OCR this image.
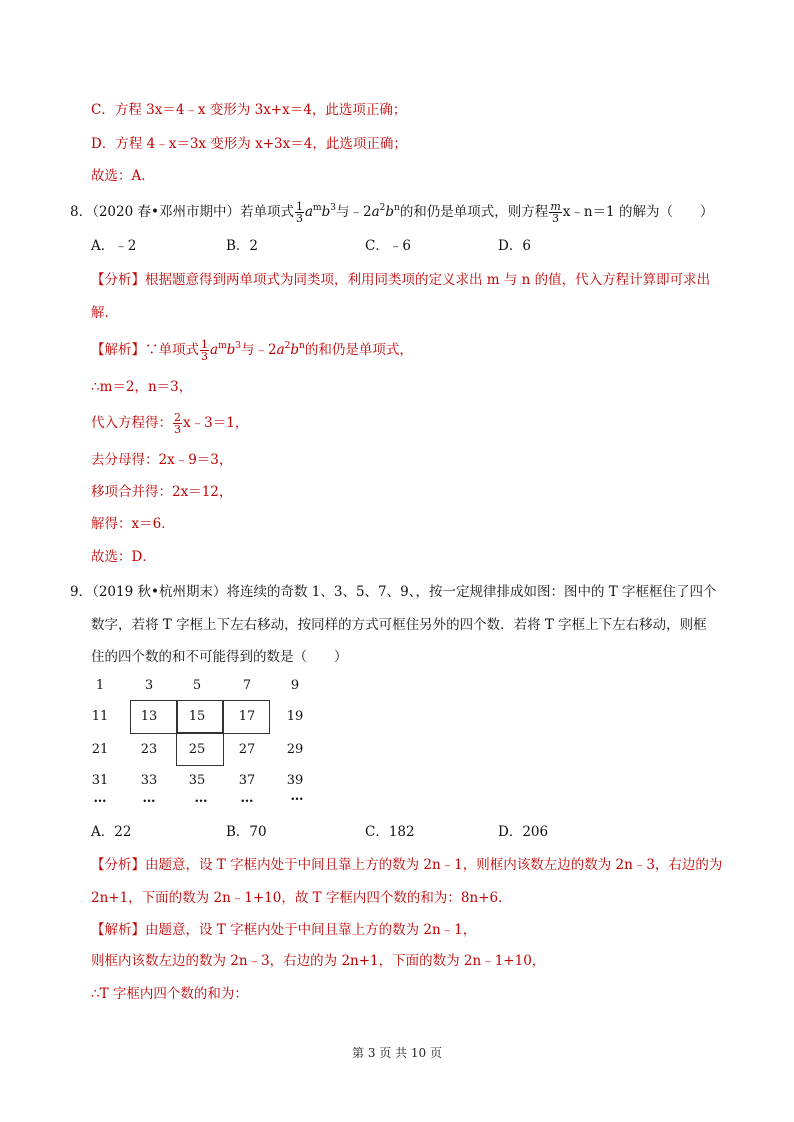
C．方程 3x＝4﹣x 变形为 3x+x＝4，此选项正确；
D．方程 4﹣x＝3x 变形为 x+3x＝4，此选项正确；
故选：A．
8．（2020 春•邓州市期中）若单项式 $\frac{1}{3} a^mb^3$与$﹣2a^2b^n$的和仍是单项式，则方程 $\frac{m}{3}$ x﹣n＝1 的解为（　　）
A．﹣2	B．2	C．﹣6	D．6
【分析】根据题意得到两单项式为同类项，利用同类项的定义求出 m 与 n 的值，代入方程计算即可求出
解．
【解析】∵单项式 $\frac{1}{3} a^mb^3$与$﹣2a^2b^n$的和仍是单项式，
∴m＝2，n＝3，
代入方程得： $\frac{2}{3}$ x﹣3＝1，
去分母得：2x﹣9＝3，
移项合并得：2x＝12，
解得：x＝6．
故选：D．
9．（2019 秋•杭州期末）将连续的奇数 1、3、5、7、9、，按一定规律排成如图：图中的 T 字框框住了四个
数字，若将 T 字框上下左右移动，按同样的方式可框住另外的四个数．若将 T 字框上下左右移动，则框
住的四个数的和不可能得到的数是（　　）
1	3	5	7	9
11	13	15	17	19
21	23	25	27	29
31	33	35	37	39
…	…	…	…	…
A．22	B．70	C．182	D．206
【分析】由题意，设 T 字框内处于中间且靠上方的数为 2n﹣1，则框内该数左边的数为 2n﹣3，右边的为
2n+1，下面的数为 2n﹣1+10，故 T 字框内四个数的和为：8n+6．
【解析】由题意，设 T 字框内处于中间且靠上方的数为 2n﹣1，
则框内该数左边的数为 2n﹣3，右边的为 2n+1，下面的数为 2n﹣1+10，
∴T 字框内四个数的和为：
第 3 页 共 10 页
